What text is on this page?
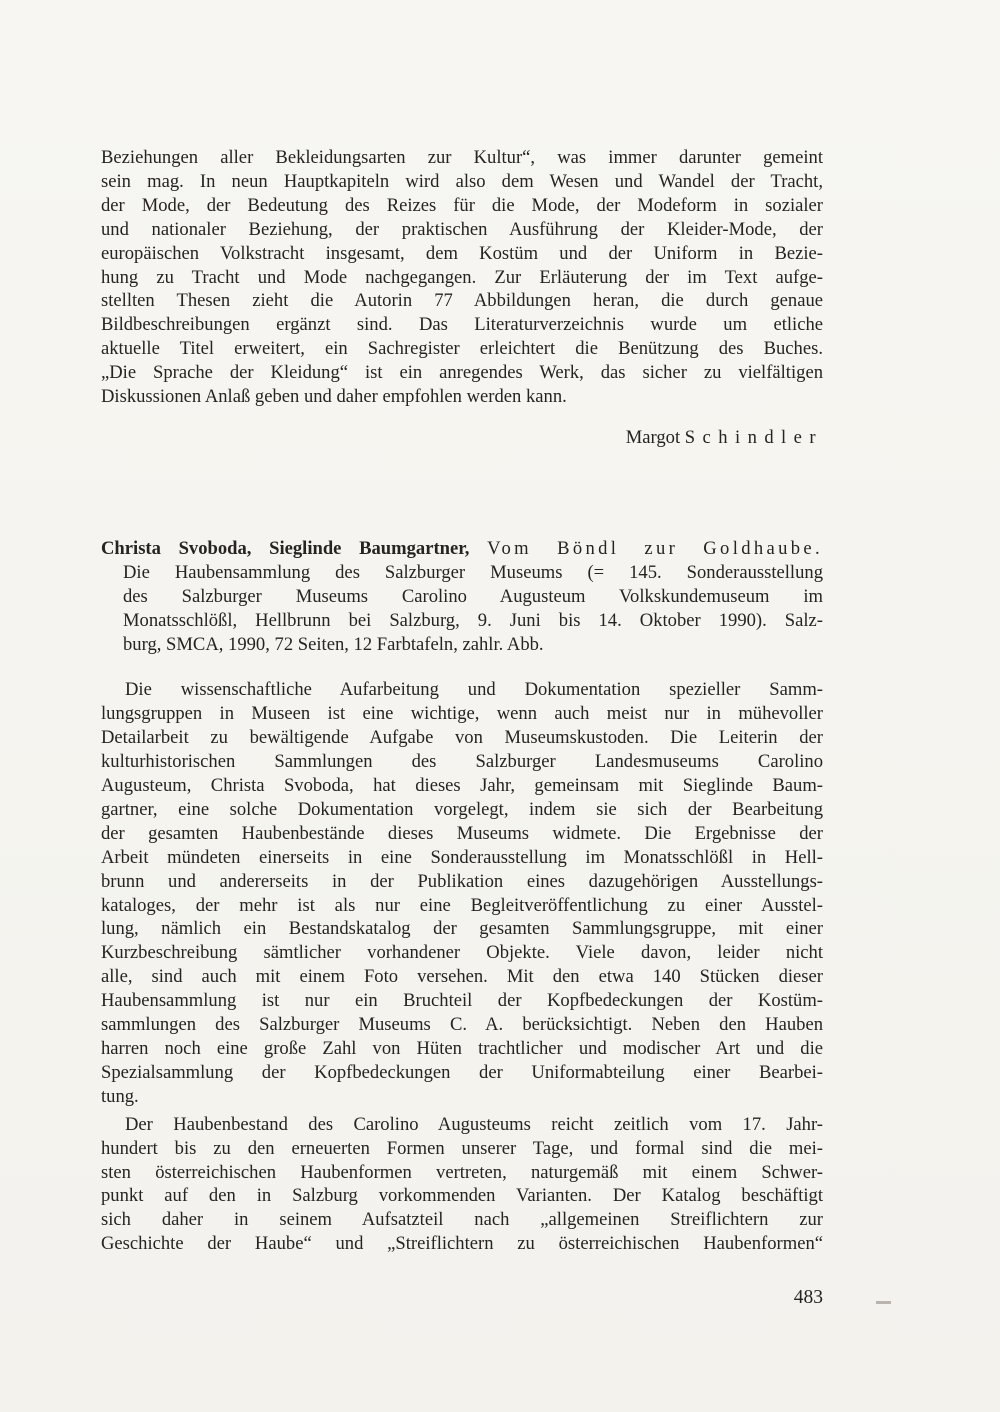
Beziehungen aller Bekleidungsarten zur Kultur“, was immer darunter gemeint
sein mag. In neun Hauptkapiteln wird also dem Wesen und Wandel der Tracht,
der Mode, der Bedeutung des Reizes für die Mode, der Modeform in sozialer
und nationaler Beziehung, der praktischen Ausführung der Kleider-Mode, der
europäischen Volkstracht insgesamt, dem Kostüm und der Uniform in Bezie-
hung zu Tracht und Mode nachgegangen. Zur Erläuterung der im Text aufge-
stellten Thesen zieht die Autorin 77 Abbildungen heran, die durch genaue
Bildbeschreibungen ergänzt sind. Das Literaturverzeichnis wurde um etliche
aktuelle Titel erweitert, ein Sachregister erleichtert die Benützung des Buches.
„Die Sprache der Kleidung“ ist ein anregendes Werk, das sicher zu vielfältigen
Diskussionen Anlaß geben und daher empfohlen werden kann.
Margot Schindler
Christa Svoboda, Sieglinde Baumgartner, Vom Böndl zur Goldhaube.
Die Haubensammlung des Salzburger Museums (= 145. Sonderausstellung
des Salzburger Museums Carolino Augusteum Volkskundemuseum im
Monatsschlößl, Hellbrunn bei Salzburg, 9. Juni bis 14. Oktober 1990). Salz-
burg, SMCA, 1990, 72 Seiten, 12 Farbtafeln, zahlr. Abb.
Die wissenschaftliche Aufarbeitung und Dokumentation spezieller Samm-
lungsgruppen in Museen ist eine wichtige, wenn auch meist nur in mühevoller
Detailarbeit zu bewältigende Aufgabe von Museumskustoden. Die Leiterin der
kulturhistorischen Sammlungen des Salzburger Landesmuseums Carolino
Augusteum, Christa Svoboda, hat dieses Jahr, gemeinsam mit Sieglinde Baum-
gartner, eine solche Dokumentation vorgelegt, indem sie sich der Bearbeitung
der gesamten Haubenbestände dieses Museums widmete. Die Ergebnisse der
Arbeit mündeten einerseits in eine Sonderausstellung im Monatsschlößl in Hell-
brunn und andererseits in der Publikation eines dazugehörigen Ausstellungs-
kataloges, der mehr ist als nur eine Begleitveröffentlichung zu einer Ausstel-
lung, nämlich ein Bestandskatalog der gesamten Sammlungsgruppe, mit einer
Kurzbeschreibung sämtlicher vorhandener Objekte. Viele davon, leider nicht
alle, sind auch mit einem Foto versehen. Mit den etwa 140 Stücken dieser
Haubensammlung ist nur ein Bruchteil der Kopfbedeckungen der Kostüm-
sammlungen des Salzburger Museums C. A. berücksichtigt. Neben den Hauben
harren noch eine große Zahl von Hüten trachtlicher und modischer Art und die
Spezialsammlung der Kopfbedeckungen der Uniformabteilung einer Bearbei-
tung.
Der Haubenbestand des Carolino Augusteums reicht zeitlich vom 17. Jahr-
hundert bis zu den erneuerten Formen unserer Tage, und formal sind die mei-
sten österreichischen Haubenformen vertreten, naturgemäß mit einem Schwer-
punkt auf den in Salzburg vorkommenden Varianten. Der Katalog beschäftigt
sich daher in seinem Aufsatzteil nach „allgemeinen Streiflichtern zur
Geschichte der Haube“ und „Streiflichtern zu österreichischen Haubenformen“
483
